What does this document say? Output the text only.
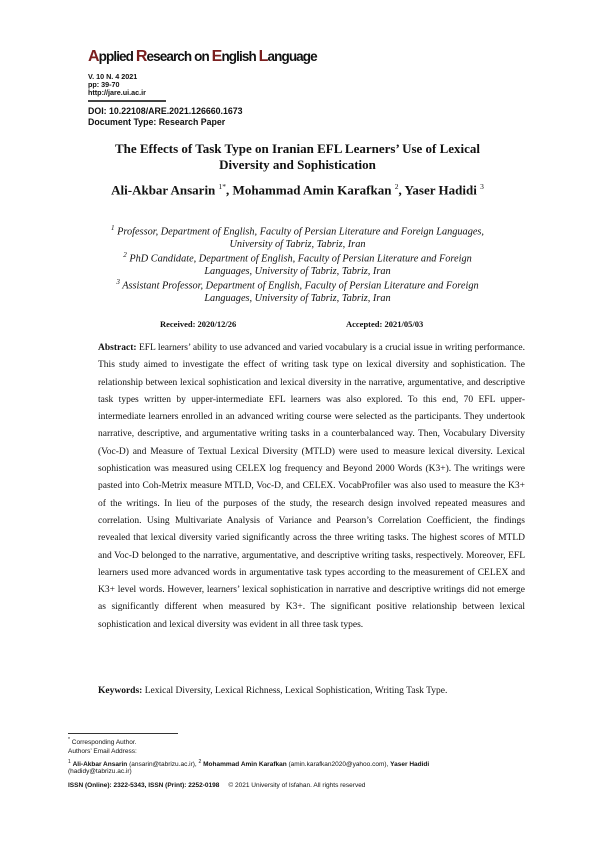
Applied Research on English Language
V. 10 N. 4 2021
pp: 39-70
http://jare.ui.ac.ir
DOI: 10.22108/ARE.2021.126660.1673
Document Type: Research Paper
The Effects of Task Type on Iranian EFL Learners’ Use of Lexical
Diversity and Sophistication
Ali-Akbar Ansarin $^{1*}$, Mohammad Amin Karafkan $^2$, Yaser Hadidi $^3$
$^1$ Professor, Department of English, Faculty of Persian Literature and Foreign Languages,
University of Tabriz, Tabriz, Iran
$^2$ PhD Candidate, Department of English, Faculty of Persian Literature and Foreign
Languages, University of Tabriz, Tabriz, Iran
$^3$ Assistant Professor, Department of English, Faculty of Persian Literature and Foreign
Languages, University of Tabriz, Tabriz, Iran
Received: 2020/12/26	Accepted: 2021/05/03
Abstract: EFL learners’ ability to use advanced and varied vocabulary is a crucial issue in writing performance. This study aimed to investigate the effect of writing task type on lexical diversity and sophistication. The relationship between lexical sophistication and lexical diversity in the narrative, argumentative, and descriptive task types written by upper-intermediate EFL learners was also explored. To this end, 70 EFL upper-intermediate learners enrolled in an advanced writing course were selected as the participants. They undertook narrative, descriptive, and argumentative writing tasks in a counterbalanced way. Then, Vocabulary Diversity (Voc-D) and Measure of Textual Lexical Diversity (MTLD) were used to measure lexical diversity. Lexical sophistication was measured using CELEX log frequency and Beyond 2000 Words (K3+). The writings were pasted into Coh-Metrix measure MTLD, Voc-D, and CELEX. VocabProfiler was also used to measure the K3+ of the writings. In lieu of the purposes of the study, the research design involved repeated measures and correlation. Using Multivariate Analysis of Variance and Pearson’s Correlation Coefficient, the findings revealed that lexical diversity varied significantly across the three writing tasks. The highest scores of MTLD and Voc-D belonged to the narrative, argumentative, and descriptive writing tasks, respectively. Moreover, EFL learners used more advanced words in argumentative task types according to the measurement of CELEX and K3+ level words. However, learners’ lexical sophistication in narrative and descriptive writings did not emerge as significantly different when measured by K3+. The significant positive relationship between lexical sophistication and lexical diversity was evident in all three task types.
Keywords: Lexical Diversity, Lexical Richness, Lexical Sophistication, Writing Task Type.
* Corresponding Author.
Authors’ Email Address:
$^1$ Ali-Akbar Ansarin (ansarin@tabrizu.ac.ir), $^2$ Mohammad Amin Karafkan (amin.karafkan2020@yahoo.com), Yaser Hadidi
(hadidy@tabrizu.ac.ir)
ISSN (Online): 2322-5343, ISSN (Print): 2252-0198 © 2021 University of Isfahan. All rights reserved
